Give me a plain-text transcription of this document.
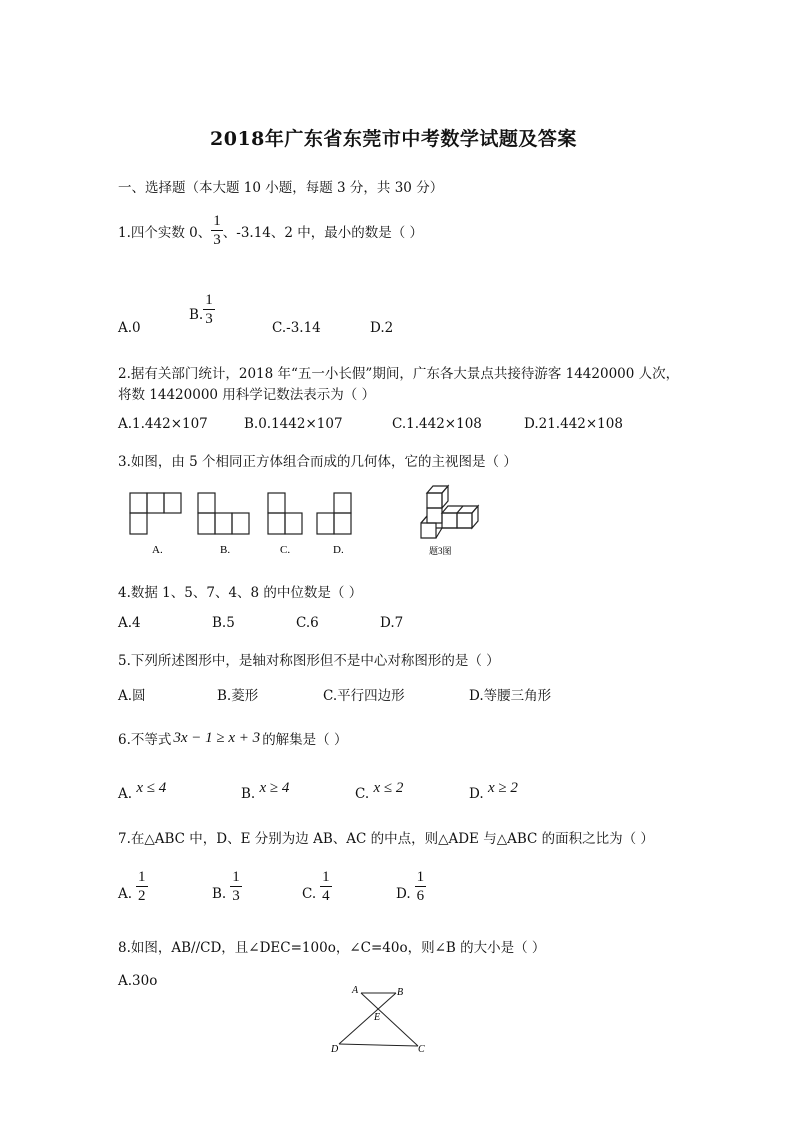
2018年广东省东莞市中考数学试题及答案
一、选择题（本大题 10 小题，每题 3 分，共 30 分）
1.四个实数 0、 $\frac{1}{3}$ 、-3.14、2 中，最小的数是（ ）
A.0
B. $\frac{1}{3}$
C.-3.14	D.2
2.据有关部门统计，2018 年“五一小长假”期间，广东各大景点共接待游客 14420000 人次，
将数 14420000 用科学记数法表示为（ ）
A.1.442×107	B.0.1442×107	C.1.442×108	D.21.442×108
3.如图，由 5 个相同正方体组合而成的几何体，它的主视图是（ ）
A.	B.	C.	D.	题3图
A	B
E
D	C
4.数据 1、5、7、4、8 的中位数是（ ）
A.4	B.5	C.6	D.7
5.下列所述图形中，是轴对称图形但不是中心对称图形的是（ ）
A.圆	B.菱形	C.平行四边形	D.等腰三角形
6.不等式 3x − 1 ≥ x + 3 的解集是（ ）
A. x ≤ 4	B. x ≥ 4	C. x ≤ 2	D. x ≥ 2
7.在△ABC 中，D、E 分别为边 AB、AC 的中点，则△ADE 与△ABC 的面积之比为（ ）
A. $\frac{1}{2}$	B. $\frac{1}{3}$	C. $\frac{1}{4}$	D. $\frac{1}{6}$
8.如图，AB//CD，且∠DEC=100o，∠C=40o，则∠B 的大小是（ ）
A.30o
